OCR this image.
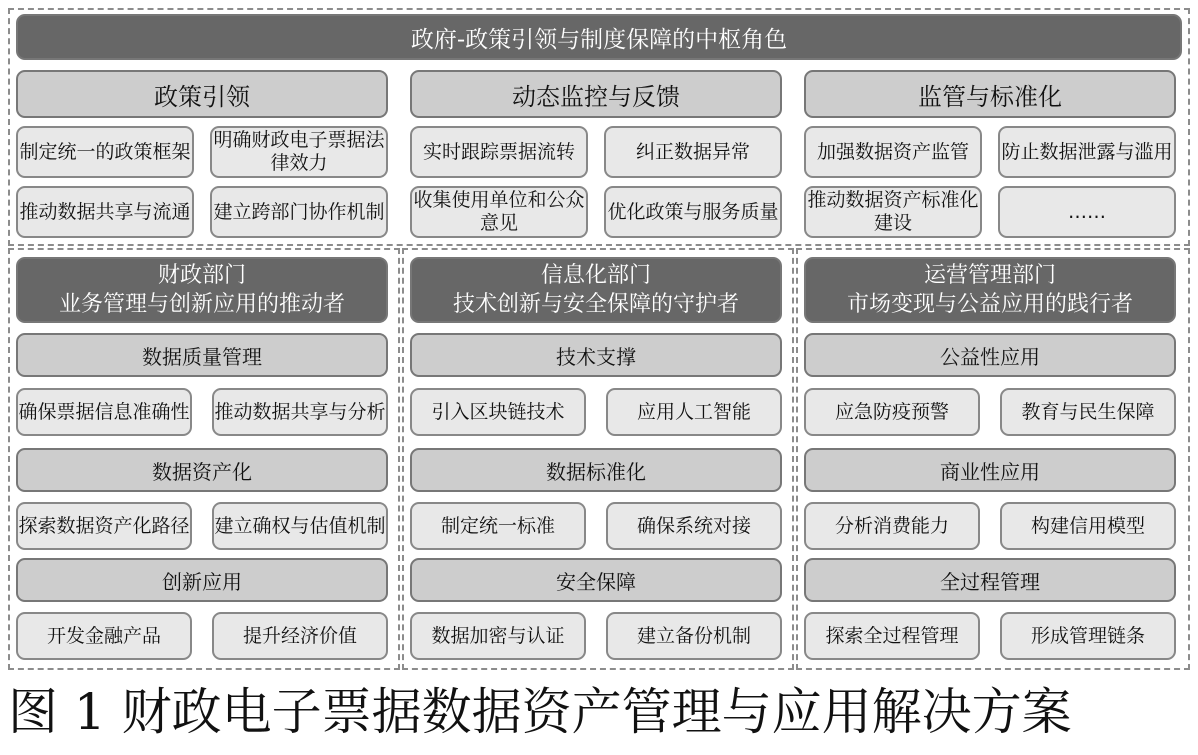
政府-政策引领与制度保障的中枢角色
政策引领	动态监控与反馈	监管与标准化
制定统一的政策框架
明确财政电子票据法律效力
推动数据共享与流通 建立跨部门协作机制
实时跟踪票据流转	纠正数据异常
收集使用单位和公众意见
优化政策与服务质量
加强数据资产监管	防止数据泄露与滥用
推动数据资产标准化建设
……
财政部门
业务管理与创新应用的推动者
信息化部门
技术创新与安全保障的守护者
运营管理部门
市场变现与公益应用的践行者
数据质量管理
确保票据信息准确性 推动数据共享与分析
数据资产化
探索数据资产化路径 建立确权与估值机制
创新应用
开发金融产品	提升经济价值
技术支撑
引入区块链技术	应用人工智能
数据标准化
制定统一标准	确保系统对接
安全保障
数据加密与认证	建立备份机制
公益性应用
应急防疫预警	教育与民生保障
商业性应用
分析消费能力	构建信用模型
全过程管理
探索全过程管理	形成管理链条
图 1 财政电子票据数据资产管理与应用解决方案
